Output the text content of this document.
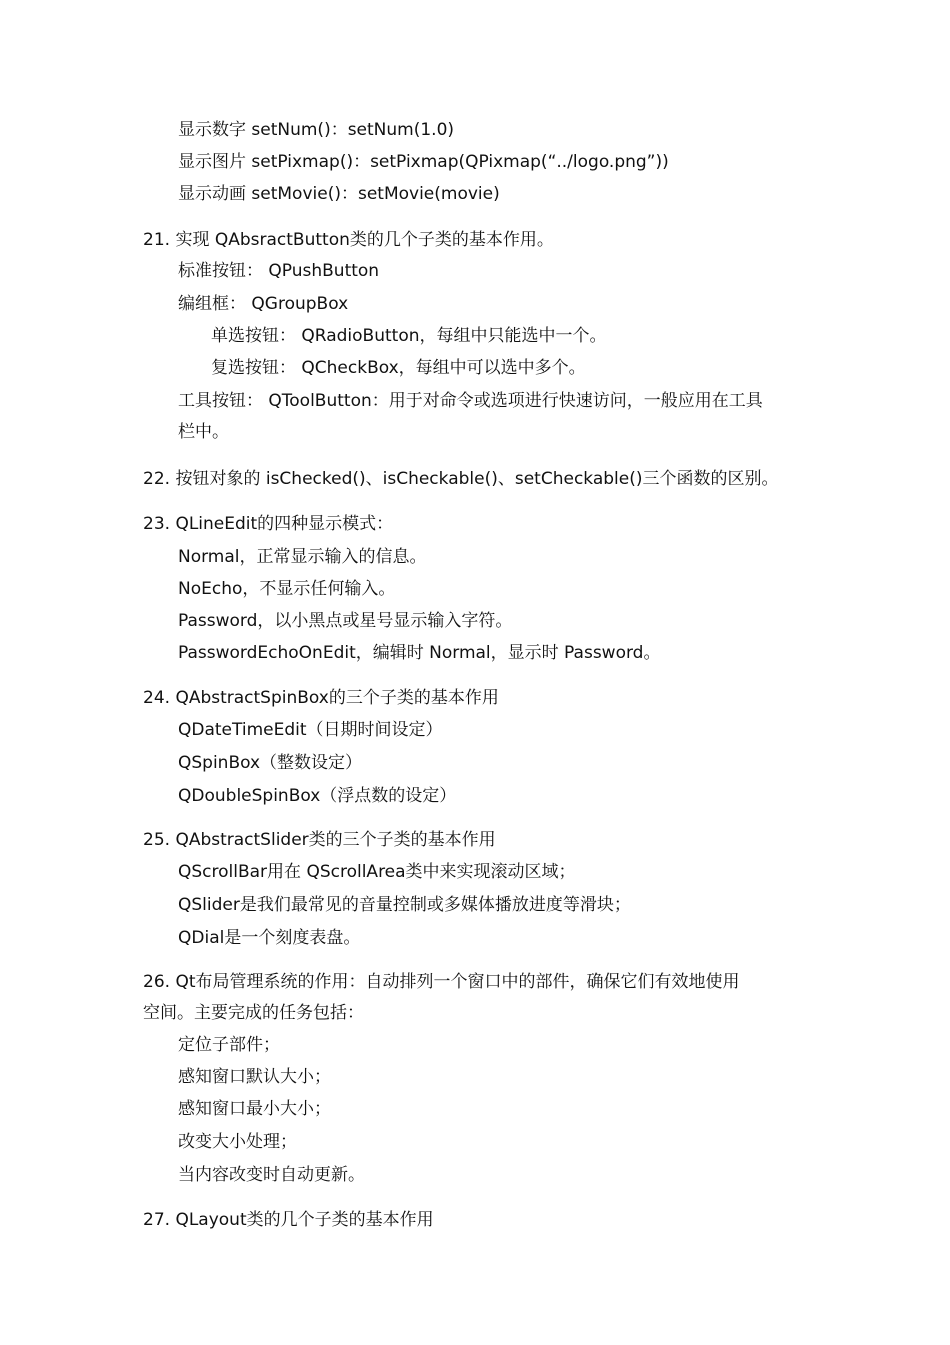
显示数字 setNum()：setNum(1.0)
显示图片 setPixmap()：setPixmap(QPixmap(“../logo.png”))
显示动画 setMovie()：setMovie(movie)
21. 实现 QAbsractButton类的几个子类的基本作用。
标准按钮： QPushButton
编组框： QGroupBox
单选按钮： QRadioButton，每组中只能选中一个。
复选按钮： QCheckBox，每组中可以选中多个。
工具按钮： QToolButton：用于对命令或选项进行快速访问，一般应用在工具
栏中。
22. 按钮对象的 isChecked()、isCheckable()、setCheckable()三个函数的区别。
23. QLineEdit的四种显示模式：
Normal，正常显示输入的信息。
NoEcho，不显示任何输入。
Password，以小黑点或星号显示输入字符。
PasswordEchoOnEdit，编辑时 Normal，显示时 Password。
24. QAbstractSpinBox的三个子类的基本作用
QDateTimeEdit（日期时间设定）
QSpinBox（整数设定）
QDoubleSpinBox（浮点数的设定）
25. QAbstractSlider类的三个子类的基本作用
QScrollBar用在 QScrollArea类中来实现滚动区域；
QSlider是我们最常见的音量控制或多媒体播放进度等滑块；
QDial是一个刻度表盘。
26. Qt布局管理系统的作用：自动排列一个窗口中的部件，确保它们有效地使用
空间。主要完成的任务包括：
定位子部件；
感知窗口默认大小；
感知窗口最小大小；
改变大小处理；
当内容改变时自动更新。
27. QLayout类的几个子类的基本作用
